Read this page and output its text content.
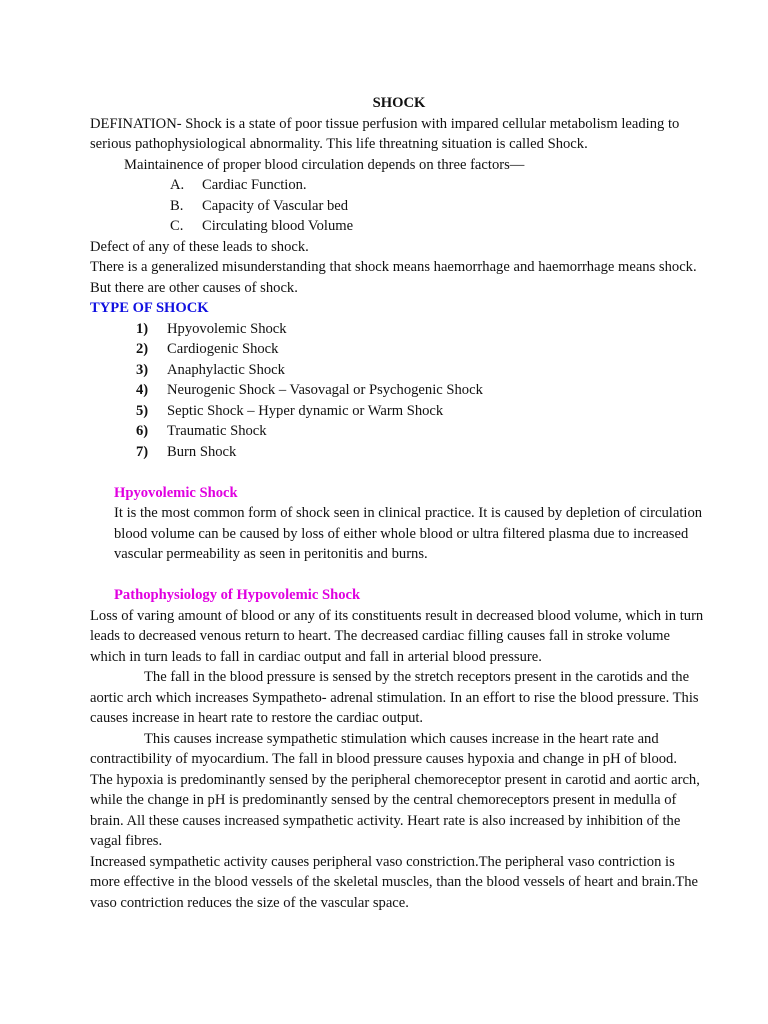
SHOCK

DEFINATION- Shock is a state of poor tissue perfusion with impared cellular metabolism leading to serious pathophysiological abnormality. This life threatning situation is called Shock.

Maintainence of proper blood circulation depends on three factors—

A.	Cardiac Function.
B.	Capacity of Vascular bed
C.	Circulating blood Volume

Defect of any of these leads to shock.

There is a generalized misunderstanding that shock means haemorrhage and haemorrhage means shock. But there are other causes of shock.

TYPE OF SHOCK

1)	Hpyovolemic Shock
2)	Cardiogenic Shock
3)	Anaphylactic Shock
4)	Neurogenic Shock – Vasovagal or Psychogenic Shock
5)	Septic Shock – Hyper dynamic or Warm Shock
6)	Traumatic Shock
7)	Burn Shock

Hpyovolemic Shock

It is the most common form of shock seen in clinical practice. It is caused by depletion of circulation blood volume can be caused by loss of either whole blood or ultra filtered plasma due to increased vascular permeability as seen in peritonitis and burns.

Pathophysiology of Hypovolemic Shock

Loss of varing amount of blood or any of its constituents result in decreased blood volume, which in turn leads to decreased venous return to heart. The decreased cardiac filling causes fall in stroke volume which in turn leads to fall in cardiac output and fall in arterial blood pressure.

The fall in the blood pressure is sensed by the stretch receptors present in the carotids and the aortic arch which increases Sympatheto- adrenal stimulation. In an effort to rise the blood pressure. This causes increase in heart rate to restore the cardiac output.

This causes increase sympathetic stimulation which causes increase in the heart rate and contractibility of myocardium. The fall in blood pressure causes hypoxia and change in pH of blood.

The hypoxia is predominantly sensed by the peripheral chemoreceptor present in carotid and aortic arch, while the change in pH is predominantly sensed by the central chemoreceptors present in medulla of brain. All these causes increased sympathetic activity. Heart rate is also increased by inhibition of the vagal fibres.

Increased sympathetic activity causes peripheral vaso constriction.The peripheral vaso contriction is more effective in the blood vessels of the skeletal muscles, than the blood vessels of heart and brain.The vaso contriction reduces the size of the vascular space.
